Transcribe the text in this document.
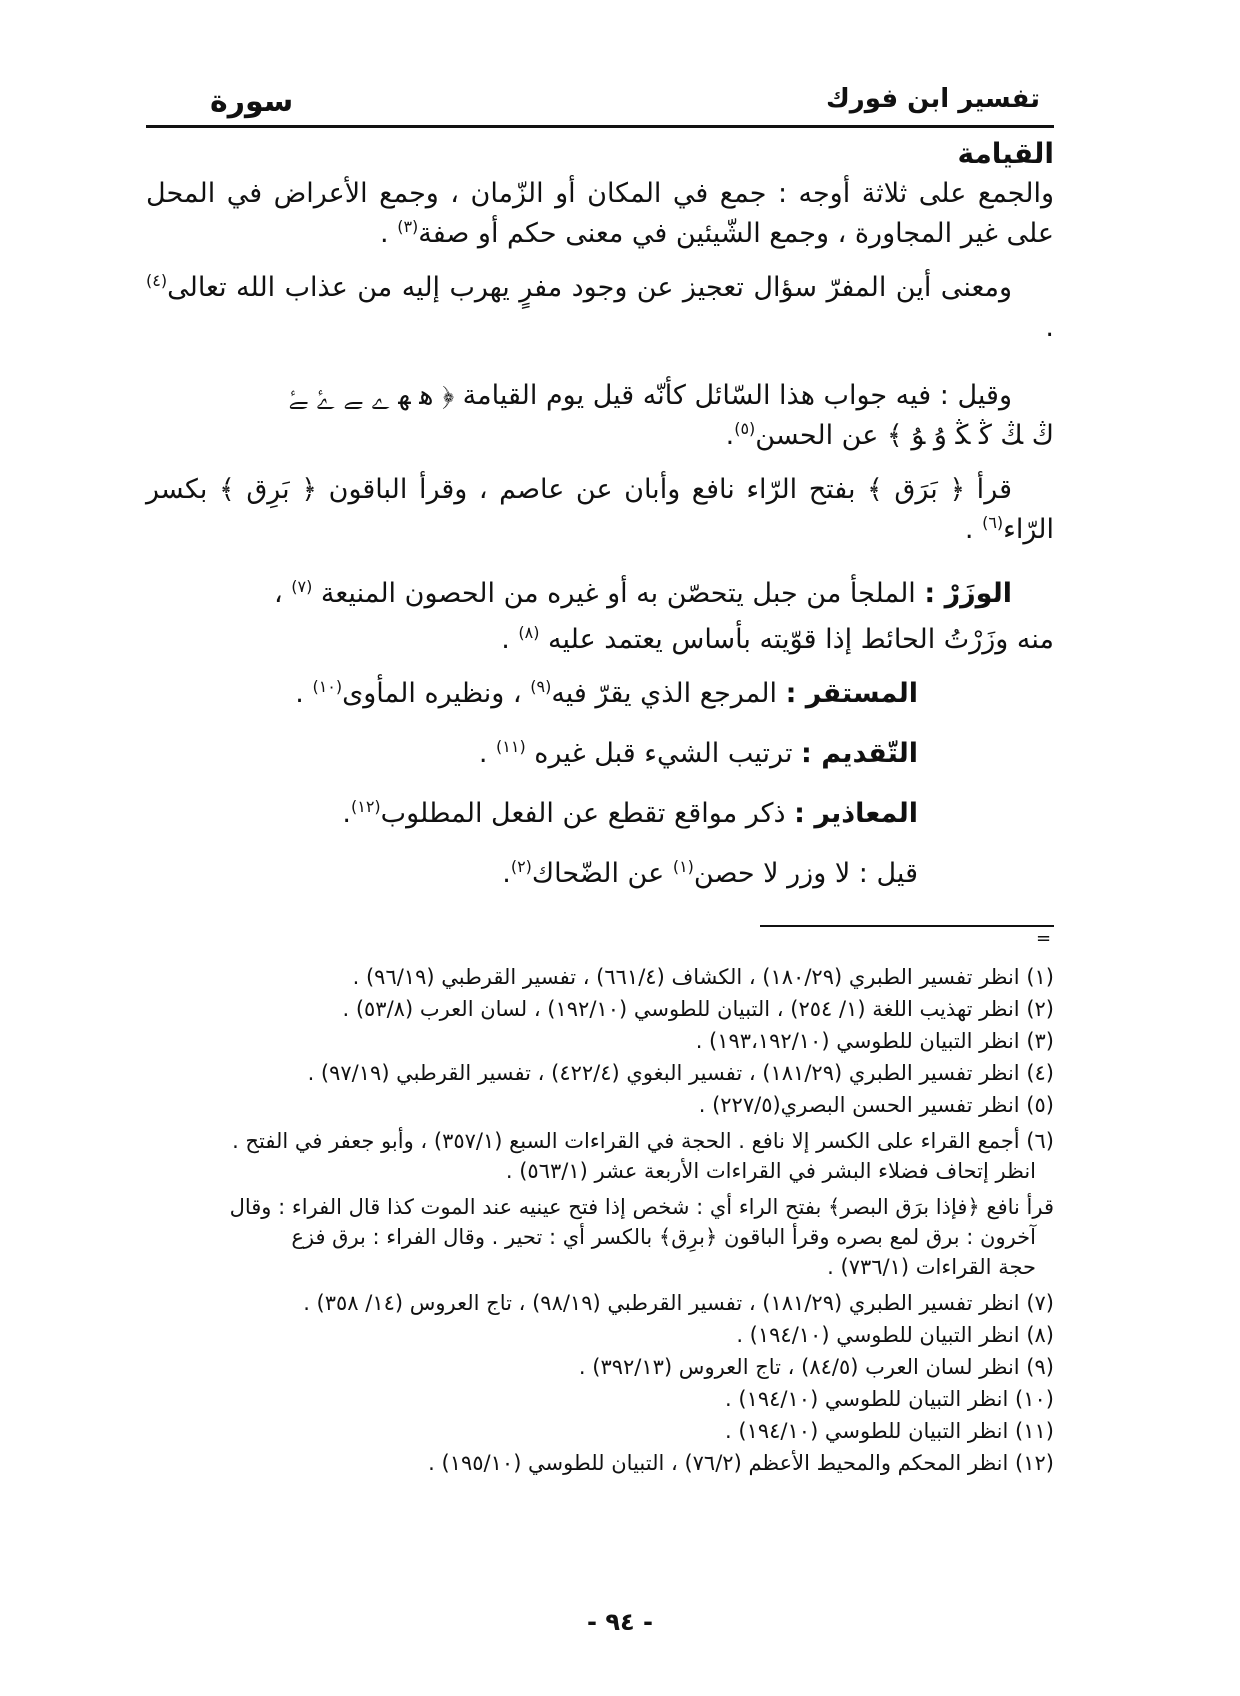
تفسير ابن فورك
سورة

القيامة

والجمع على ثلاثة أوجه : جمع في المكان أو الزّمان ، وجمع الأعراض في المحل على غير المجاورة ، وجمع الشّيئين في معنى حكم أو صفة$^{(٣)}$ .

ومعنى أين المفرّ سؤال تعجيز عن وجود مفرٍ يهرب إليه من عذاب الله تعالى$^{(٤)}$ .

وقيل : فيه جواب هذا السّائل كأنّه قيل يوم القيامة ﴿ ﮬ ﮭ ﮮ ﮯ ﮰ ﮱ

ﯓ ﯔ ﯕ ﯖ ﯗ ﯘ ﴾ عن الحسن$^{(٥)}$.

قرأ ﴿ بَرَق ﴾ بفتح الرّاء نافع وأبان عن عاصم ، وقرأ الباقون ﴿ بَرِق ﴾ بكسر الرّاء$^{(٦)}$ .

الوزَرْ : الملجأ من جبل يتحصّن به أو غيره من الحصون المنيعة $^{(٧)}$ ،

منه وزَرْتُ الحائط إذا قوّيته بأساس يعتمد عليه $^{(٨)}$ .

المستقر : المرجع الذي يقرّ فيه$^{(٩)}$ ، ونظيره المأوى$^{(١٠)}$ .

التّقديم : ترتيب الشيء قبل غيره $^{(١١)}$ .

المعاذير : ذكر مواقع تقطع عن الفعل المطلوب$^{(١٢)}$.

قيل : لا وزر لا حصن$^{(١)}$ عن الضّحاك$^{(٢)}$.

=

(١) انظر تفسير الطبري (١٨٠/٢٩) ، الكشاف (٦٦١/٤) ، تفسير القرطبي (٩٦/١٩) .

(٢) انظر تهذيب اللغة (١/ ٢٥٤) ، التبيان للطوسي (١٩٢/١٠) ، لسان العرب (٥٣/٨) .

(٣) انظر التبيان للطوسي (١٩٣،١٩٢/١٠) .

(٤) انظر تفسير الطبري (١٨١/٢٩) ، تفسير البغوي (٤٢٢/٤) ، تفسير القرطبي (٩٧/١٩) .

(٥) انظر تفسير الحسن البصري(٢٢٧/٥) .

(٦) أجمع القراء على الكسر إلا نافع . الحجة في القراءات السبع (٣٥٧/١) ، وأبو جعفر في الفتح .
انظر إتحاف فضلاء البشر في القراءات الأربعة عشر (٥٦٣/١) .

قرأ نافع ﴿فإذا برَق البصر﴾ بفتح الراء أي : شخص إذا فتح عينيه عند الموت كذا قال الفراء : وقال
آخرون : برق لمع بصره وقرأ الباقون ﴿برِق﴾ بالكسر أي : تحير . وقال الفراء : برق فزع
حجة القراءات (٧٣٦/١) .

(٧) انظر تفسير الطبري (١٨١/٢٩) ، تفسير القرطبي (٩٨/١٩) ، تاج العروس (١٤/ ٣٥٨) .

(٨) انظر التبيان للطوسي (١٩٤/١٠) .

(٩) انظر لسان العرب (٨٤/٥) ، تاج العروس (٣٩٢/١٣) .

(١٠) انظر التبيان للطوسي (١٩٤/١٠) .

(١١) انظر التبيان للطوسي (١٩٤/١٠) .

(١٢) انظر المحكم والمحيط الأعظم (٧٦/٢) ، التبيان للطوسي (١٩٥/١٠) .

- ٩٤ -
